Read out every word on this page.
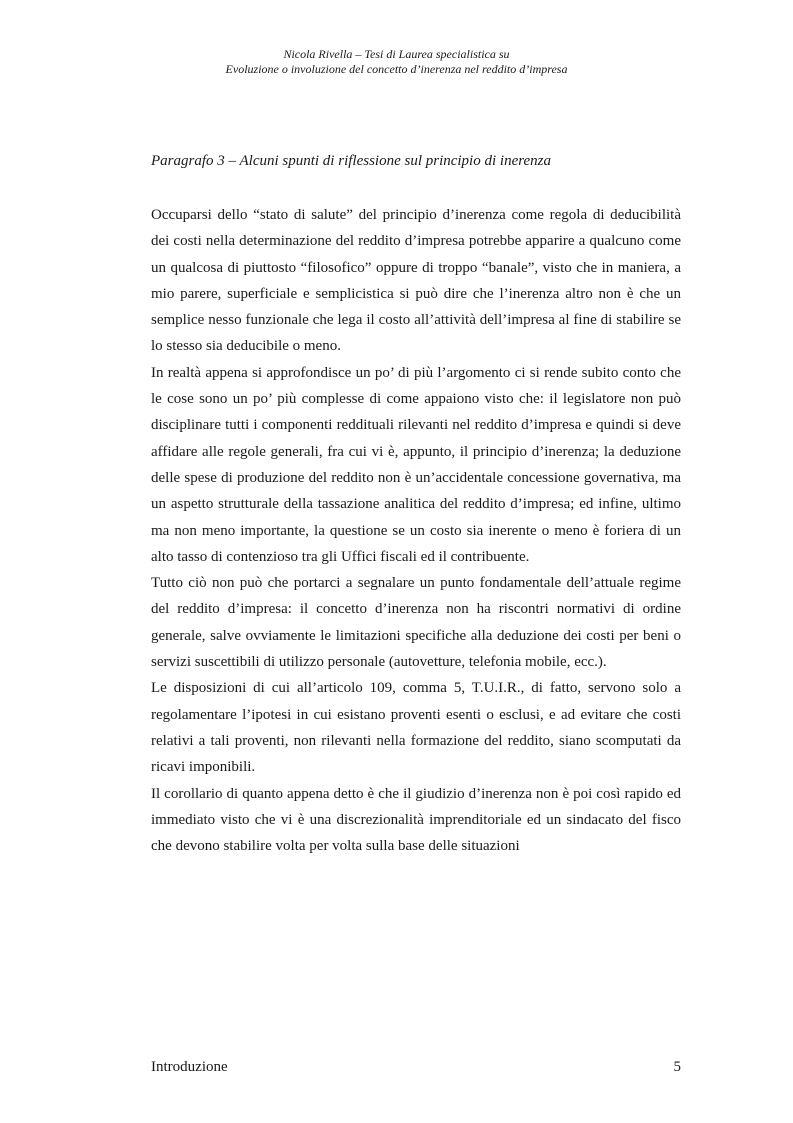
Nicola Rivella – Tesi di Laurea specialistica su
Evoluzione o involuzione del concetto d’inerenza nel reddito d’impresa
Paragrafo 3 – Alcuni spunti di riflessione sul principio di inerenza

Occuparsi dello “stato di salute” del principio d’inerenza come regola di deducibilità dei costi nella determinazione del reddito d’impresa potrebbe apparire a qualcuno come un qualcosa di piuttosto “filosofico” oppure di troppo “banale”, visto che in maniera, a mio parere, superficiale e semplicistica si può dire che l’inerenza altro non è che un semplice nesso funzionale che lega il costo all’attività dell’impresa al fine di stabilire se lo stesso sia deducibile o meno.

In realtà appena si approfondisce un po’ di più l’argomento ci si rende subito conto che le cose sono un po’ più complesse di come appaiono visto che: il legislatore non può disciplinare tutti i componenti reddituali rilevanti nel reddito d’impresa e quindi si deve affidare alle regole generali, fra cui vi è, appunto, il principio d’inerenza; la deduzione delle spese di produzione del reddito non è un’accidentale concessione governativa, ma un aspetto strutturale della tassazione analitica del reddito d’impresa; ed infine, ultimo ma non meno importante, la questione se un costo sia inerente o meno è foriera di un alto tasso di contenzioso tra gli Uffici fiscali ed il contribuente.

Tutto ciò non può che portarci a segnalare un punto fondamentale dell’attuale regime del reddito d’impresa: il concetto d’inerenza non ha riscontri normativi di ordine generale, salve ovviamente le limitazioni specifiche alla deduzione dei costi per beni o servizi suscettibili di utilizzo personale (autovetture, telefonia mobile, ecc.).

Le disposizioni di cui all’articolo 109, comma 5, T.U.I.R., di fatto, servono solo a regolamentare l’ipotesi in cui esistano proventi esenti o esclusi, e ad evitare che costi relativi a tali proventi, non rilevanti nella formazione del reddito, siano scomputati da ricavi imponibili.

Il corollario di quanto appena detto è che il giudizio d’inerenza non è poi così rapido ed immediato visto che vi è una discrezionalità imprenditoriale ed un sindacato del fisco che devono stabilire volta per volta sulla base delle situazioni

Introduzione	5
